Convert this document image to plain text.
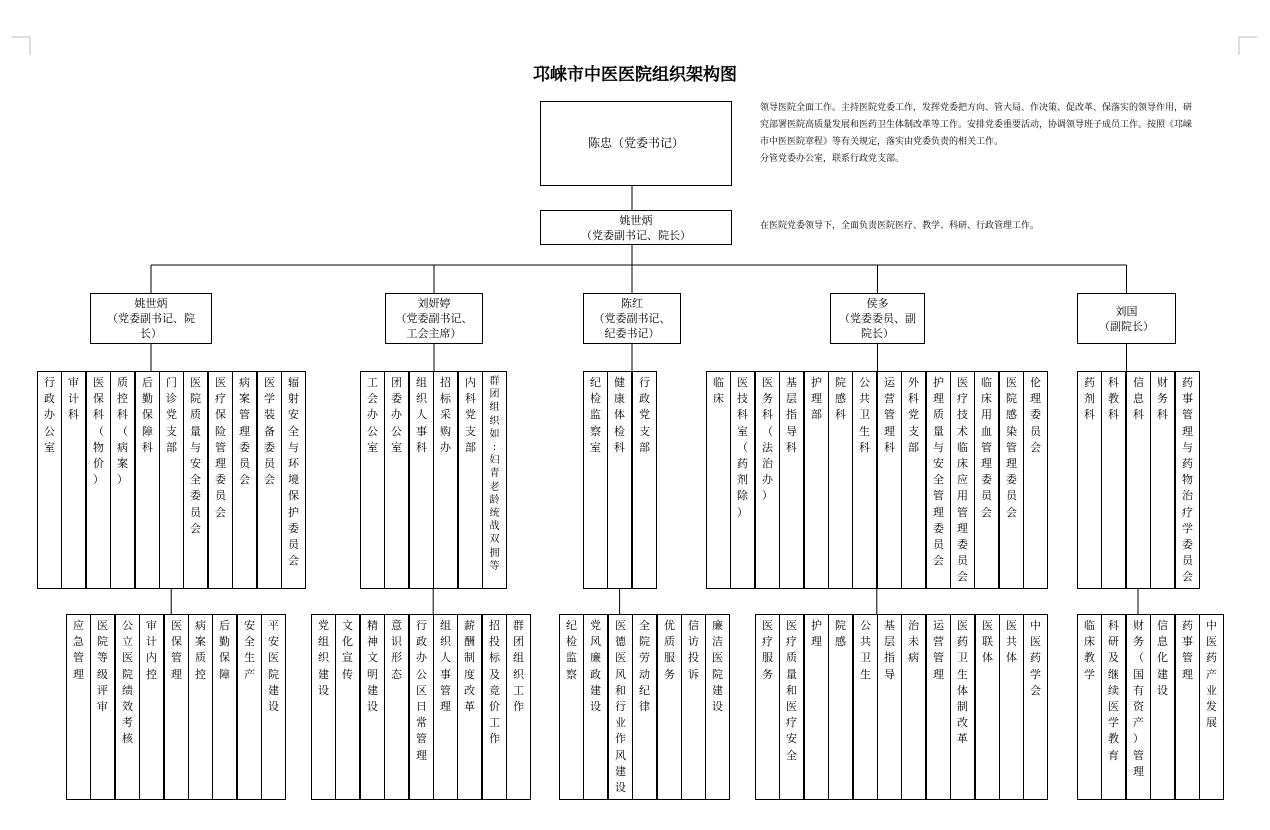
邛崃市中医医院组织架构图
陈忠（党委书记）
领导医院全面工作。主持医院党委工作，发挥党委把方向、管大局、作决策、促改革、保落实的领导作用，研究部署医院高质量发展和医药卫生体制改革等工作。安排党委重要活动，协调领导班子成员工作。按照《邛崃市中医医院章程》等有关规定，落实由党委负责的相关工作。
分管党委办公室，联系行政党支部。
姚世炳
（党委副书记、院长）
在医院党委领导下，全面负责医院医疗、教学、科研、行政管理工作。
姚世炳
（党委副书记、院
长）
行
政
办
公
室
审
计
科
医
保
科
（
物
价
）
质
控
科
（
病
案
）
后
勤
保
障
科
门
诊
党
支
部
医
院
质
量
与
安
全
委
员
会
医
疗
保
险
管
理
委
员
会
病
案
管
理
委
员
会
医
学
装
备
委
员
会
辐
射
安
全
与
环
境
保
护
委
员
会
应
急
管
理
医
院
等
级
评
审
公
立
医
院
绩
效
考
核
审
计
内
控
医
保
管
理
病
案
质
控
后
勤
保
障
安
全
生
产
平
安
医
院
建
设
刘妍婷
（党委副书记、
工会主席）
工
会
办
公
室
团
委
办
公
室
组
织
人
事
科
招
标
采
购
办
内
科
党
支
部
群
团
组
织
如
:
妇
青
老
龄
统
战
双
拥
等
党
组
织
建
设
文
化
宣
传
精
神
文
明
建
设
意
识
形
态
行
政
办
公
区
日
常
管
理
组
织
人
事
管
理
薪
酬
制
度
改
革
招
投
标
及
竞
价
工
作
群
团
组
织
工
作
陈红
（党委副书记、
纪委书记）
纪
检
监
察
室
健
康
体
检
科
行
政
党
支
部
纪
检
监
察
党
风
廉
政
建
设
医
德
医
风
和
行
业
作
风
建
设
全
院
劳
动
纪
律
优
质
服
务
信
访
投
诉
廉
洁
医
院
建
设
侯多
（党委委员、副
院长）
临
床
医
技
科
室
（
药
剂
除
）
医
务
科
（
法
治
办
）
基
层
指
导
科
护
理
部
院
感
科
公
共
卫
生
科
运
营
管
理
科
外
科
党
支
部
护
理
质
量
与
安
全
管
理
委
员
会
医
疗
技
术
临
床
应
用
管
理
委
员
会
临
床
用
血
管
理
委
员
会
医
院
感
染
管
理
委
员
会
伦
理
委
员
会
医
疗
服
务
医
疗
质
量
和
医
疗
安
全
护
理
院
感
公
共
卫
生
基
层
指
导
治
未
病
运
营
管
理
医
药
卫
生
体
制
改
革
医
联
体
医
共
体
中
医
药
学
会
刘国
（副院长）
药
剂
科
科
教
科
信
息
科
财
务
科
药
事
管
理
与
药
物
治
疗
学
委
员
会
临
床
教
学
科
研
及
继
续
医
学
教
育
财
务
（
国
有
资
产
）
管
理
信
息
化
建
设
药
事
管
理
中
医
药
产
业
发
展
